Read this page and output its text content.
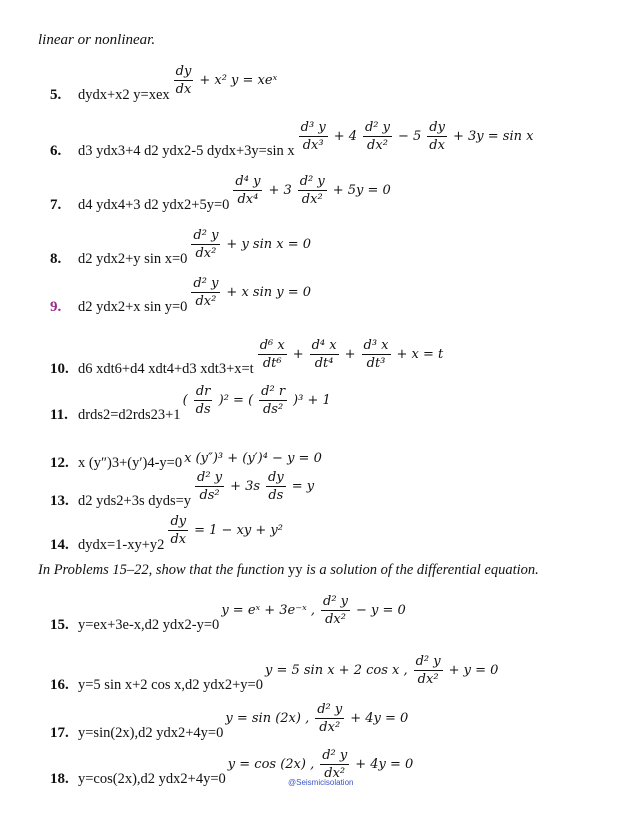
linear or nonlinear.
5. dydx+x2 $y=xex \frac{dy}{dx} + x^2$ y = xeˣ
6. d3 ydx3+4 d2 ydx2-5 dydx+3y=sin x $\frac{\text{d³ y}}{\text{dx³}} + 4 \frac{\text{d² y}}{\text{dx²}} - 5 \frac{dy}{dx} + 3y = \sin x$
7. d4 ydx4+3 d2 $ydx2+5y=0 \frac{\text{d⁴ y}}{\text{dx⁴}} + 3 \frac{\text{d² y}}{\text{dx²}} + 5y = 0$
8. d2 ydx2+y $\sin x=0 \frac{\text{d² y}}{\text{dx²}} + y$ sin x = 0
9. d2 ydx2+x $\sin y=0 \frac{\text{d² y}}{\text{dx²}} + x$ sin y = 0
10. d6 xdt6+d4 xdt4+d3 $xdt3+x=t \frac{\text{d⁶ x}}{\text{dt⁶}} + \frac{\text{d⁴ x}}{\text{dt⁴}} + \frac{\text{d³ x}}{\text{dt³}} + x = t$
11. drds2=d2rds23+1
( $\frac{dr}{ds} )^2$ = ( $\frac{\text{d² r}}{\text{ds²}} )^3 + 1$
12. x (y″)3+(y′)4-y=0 x (y″)³ + (y′)⁴ − y = 0
13. d2 yds2+3s dyds=y $\frac{\text{d² y}}{\text{ds²}} + 3s \frac{dy}{ds} = y$
14. dydx=1-xy+y2 $\frac{dy}{dx} = 1$ − xy + y²
In Problems 15–22, show that the function yy is a solution of the differential equation.
15. y=ex+3e-x,d2 ydx2-y=0
y = eˣ + 3e⁻ˣ , $\frac{\text{d² y}}{\text{dx²}} - y = 0$
16. y=5 sin x+2 cos x,d2 ydx2+y=0
y = 5 sin x + 2 cos x , $\frac{\text{d² y}}{\text{dx²}} + y = 0$
17. y=sin(2x),d2 ydx2+4y=0
y = sin (2x) , $\frac{\text{d² y}}{\text{dx²}} + 4y = 0$
18. y=cos(2x),d2 ydx2+4y=0
y = cos (2x) , $\frac{\text{d² y}}{\text{dx²}} + 4y = 0$
@Seismicisolation
